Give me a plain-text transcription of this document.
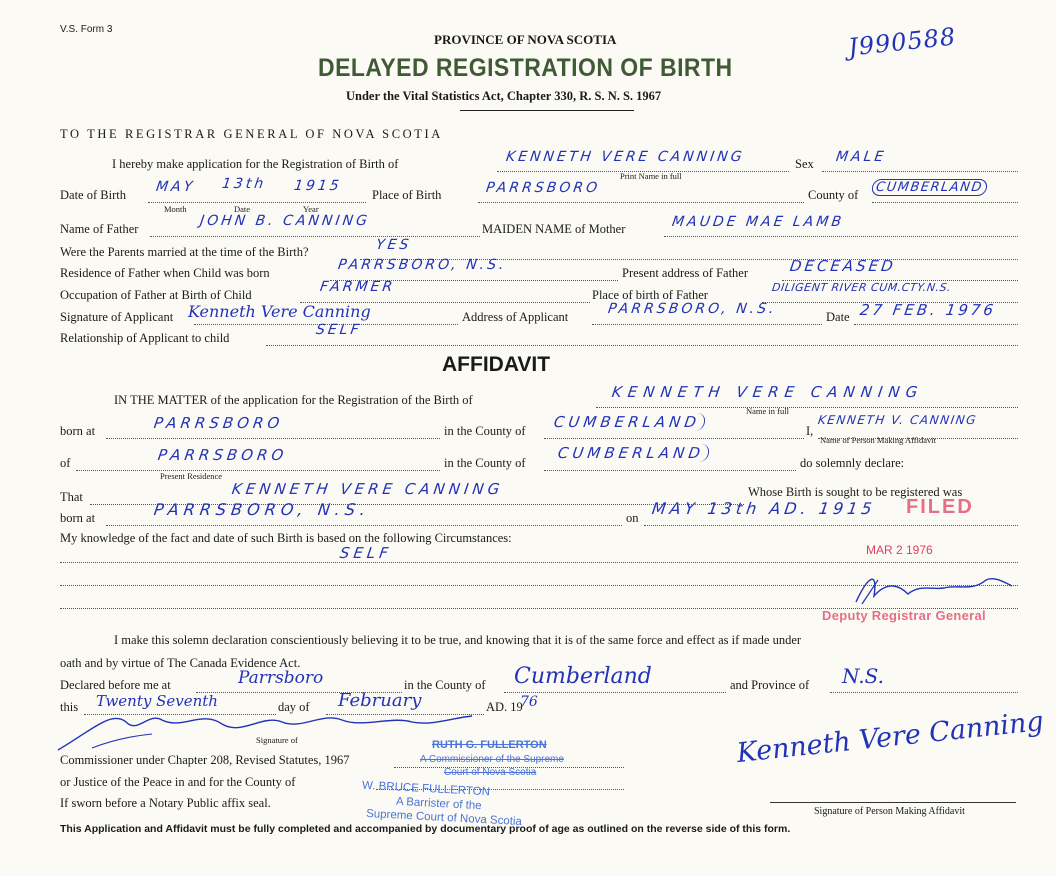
V.S. Form 3
PROVINCE OF NOVA SCOTIA
DELAYED REGISTRATION OF BIRTH
Under the Vital Statistics Act, Chapter 330, R. S. N. S. 1967
J990588
TO THE REGISTRAR GENERAL OF NOVA SCOTIA
I hereby make application for the Registration of Birth of	KENNETH VERE CANNING
Print Name in full
Sex MALE
Date of Birth MAY 13th 1915
Month	Date	Year
Place of Birth	PARRSBORO	County of	CUMBERLAND
Name of Father	JOHN B. CANNING	MAIDEN NAME of Mother	MAUDE MAE LAMB
Were the Parents married at the time of the Birth?	YES
Residence of Father when Child was born	PARRSBORO, N.S.	Present address of Father	DECEASED
Occupation of Father at Birth of Child	FARMER	Place of birth of Father
DILIGENT RIVER CUM.CTY.N.S.
Signature of Applicant Kenneth Vere Canning	Address of Applicant	PARRSBORO, N.S.	Date 27 FEB. 1976
Relationship of Applicant to child	SELF
AFFIDAVIT
IN THE MATTER of the application for the Registration of the Birth of	KENNETH VERE CANNING
Name in full
born at	PARRSBORO	in the County of CUMBERLAND	I,
KENNETH V. CANNING
Name of Person Making Affidavit
of	PARRSBORO
Present Residence
in the County of
CUMBERLAND
do solemnly declare:
That	KENNETH VERE CANNING	Whose Birth is sought to be registered was
born at	PARRSBORO, N.S.	on MAY 13th AD. 1915 FILED
My knowledge of the fact and date of such Birth is based on the following Circumstances:
SELF	MAR 2 1976
Deputy Registrar General
I make this solemn declaration conscientiously believing it to be true, and knowing that it is of the same force and effect as if made under
oath and by virtue of The Canada Evidence Act.
Declared before me at	Parrsboro	in the County of Cumberland	and Province of N.S.
this Twenty Seventh	day of February	AD. 19
76
Signature of
Commissioner under Chapter 208, Revised Statutes, 1967
or Justice of the Peace in and for the County of
If sworn before a Notary Public affix seal.
RUTH G. FULLERTON
A Commissioner of the Supreme
Court of Nova Scotia
W. BRUCE FULLERTON
A Barrister of the
Supreme Court of Nova Scotia
Kenneth Vere Canning
Signature of Person Making Affidavit
This Application and Affidavit must be fully completed and accompanied by documentary proof of age as outlined on the reverse side of this form.
